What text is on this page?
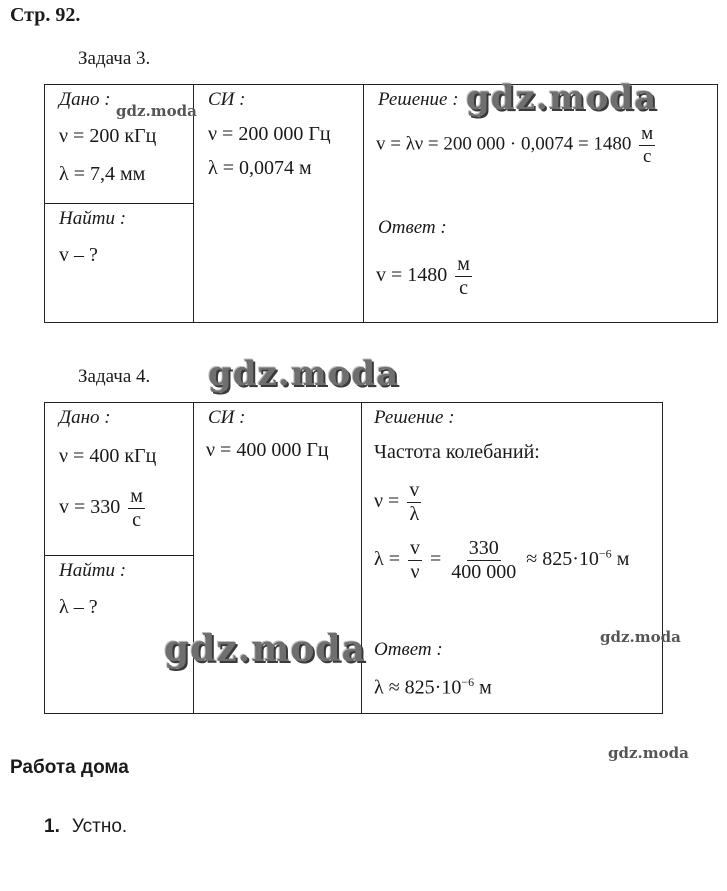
Стр. 92.
Задача 3.
Дано :
ν = 200 кГц
λ = 7,4 мм
Найти :
v – ?
СИ :
ν = 200 000 Гц
λ = 0,0074 м
Решение :
v = λν = 200 $000 \cdot 0,0074 = 1480 \frac{м}{с}$
Ответ :
$v = 1480 \frac{м}{с}$
Задача 4.
Дано :
ν = 400 кГц
$v = 330 \frac{м}{с}$
Найти :
λ – ?
СИ :
ν = 400 000 Гц
Решение :
Частота колебаний:
$\nu = \frac{v}{\lambda}$
$\lambda = \frac{v}{\nu} = \frac{330}{400 000} \approx 825\cdot 10^{-6}$ м
Ответ :
$\lambda \approx 825\cdot 10^{-6}$ м
gdz.moda	gdz.moda
gdz.moda
gdz.moda	gdz.moda
gdz.moda
Работа дома
1. Устно.
